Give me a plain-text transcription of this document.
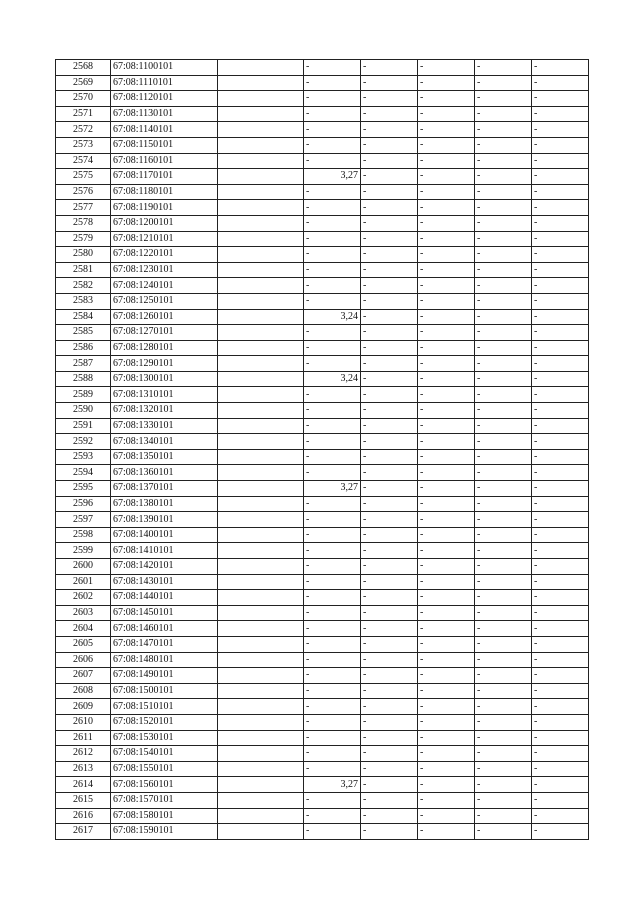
2568	67:08:1100101		-	-	-	-	-
2569	67:08:1110101		-	-	-	-	-
2570	67:08:1120101		-	-	-	-	-
2571	67:08:1130101		-	-	-	-	-
2572	67:08:1140101		-	-	-	-	-
2573	67:08:1150101		-	-	-	-	-
2574	67:08:1160101		-	-	-	-	-
2575	67:08:1170101		3,27	-	-	-	-
2576	67:08:1180101		-	-	-	-	-
2577	67:08:1190101		-	-	-	-	-
2578	67:08:1200101		-	-	-	-	-
2579	67:08:1210101		-	-	-	-	-
2580	67:08:1220101		-	-	-	-	-
2581	67:08:1230101		-	-	-	-	-
2582	67:08:1240101		-	-	-	-	-
2583	67:08:1250101		-	-	-	-	-
2584	67:08:1260101		3,24	-	-	-	-
2585	67:08:1270101		-	-	-	-	-
2586	67:08:1280101		-	-	-	-	-
2587	67:08:1290101		-	-	-	-	-
2588	67:08:1300101		3,24	-	-	-	-
2589	67:08:1310101		-	-	-	-	-
2590	67:08:1320101		-	-	-	-	-
2591	67:08:1330101		-	-	-	-	-
2592	67:08:1340101		-	-	-	-	-
2593	67:08:1350101		-	-	-	-	-
2594	67:08:1360101		-	-	-	-	-
2595	67:08:1370101		3,27	-	-	-	-
2596	67:08:1380101		-	-	-	-	-
2597	67:08:1390101		-	-	-	-	-
2598	67:08:1400101		-	-	-	-	-
2599	67:08:1410101		-	-	-	-	-
2600	67:08:1420101		-	-	-	-	-
2601	67:08:1430101		-	-	-	-	-
2602	67:08:1440101		-	-	-	-	-
2603	67:08:1450101		-	-	-	-	-
2604	67:08:1460101		-	-	-	-	-
2605	67:08:1470101		-	-	-	-	-
2606	67:08:1480101		-	-	-	-	-
2607	67:08:1490101		-	-	-	-	-
2608	67:08:1500101		-	-	-	-	-
2609	67:08:1510101		-	-	-	-	-
2610	67:08:1520101		-	-	-	-	-
2611	67:08:1530101		-	-	-	-	-
2612	67:08:1540101		-	-	-	-	-
2613	67:08:1550101		-	-	-	-	-
2614	67:08:1560101		3,27	-	-	-	-
2615	67:08:1570101		-	-	-	-	-
2616	67:08:1580101		-	-	-	-	-
2617	67:08:1590101		-	-	-	-	-
